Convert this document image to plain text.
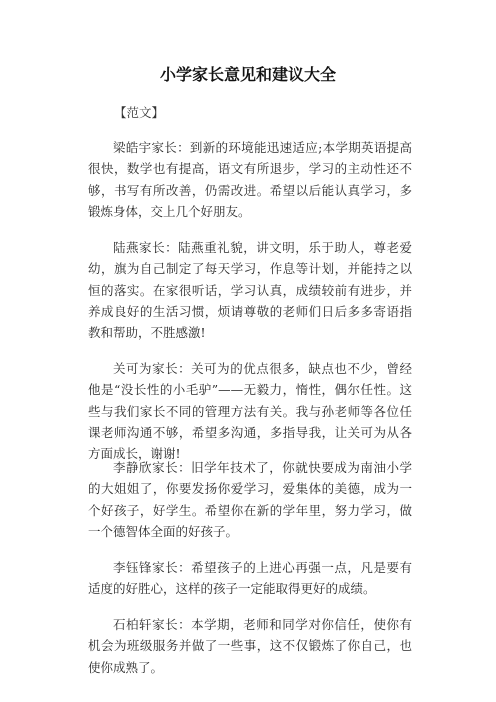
小学家长意见和建议大全
【范文】

梁皓宇家长：到新的环境能迅速适应;本学期英语提高很快，数学也有提高，语文有所退步，学习的主动性还不够，书写有所改善，仍需改进。希望以后能认真学习，多锻炼身体，交上几个好朋友。

陆燕家长：陆燕重礼貌，讲文明，乐于助人，尊老爱幼，旗为自己制定了每天学习，作息等计划，并能持之以恒的落实。在家很听话，学习认真，成绩较前有进步，并养成良好的生活习惯，烦请尊敬的老师们日后多多寄语指教和帮助，不胜感激!

关可为家长：关可为的优点很多，缺点也不少，曾经他是“没长性的小毛驴”——无毅力，惰性，偶尔任性。这些与我们家长不同的管理方法有关。我与孙老师等各位任课老师沟通不够，希望多沟通，多指导我，让关可为从各方面成长，谢谢!

李静欣家长：旧学年技术了，你就快要成为南油小学的大姐姐了，你要发扬你爱学习，爱集体的美德，成为一个好孩子，好学生。希望你在新的学年里，努力学习，做一个德智体全面的好孩子。

李钰锋家长：希望孩子的上进心再强一点，凡是要有适度的好胜心，这样的孩子一定能取得更好的成绩。

石柏轩家长：本学期，老师和同学对你信任，使你有机会为班级服务并做了一些事，这不仅锻炼了你自己，也使你成熟了。
